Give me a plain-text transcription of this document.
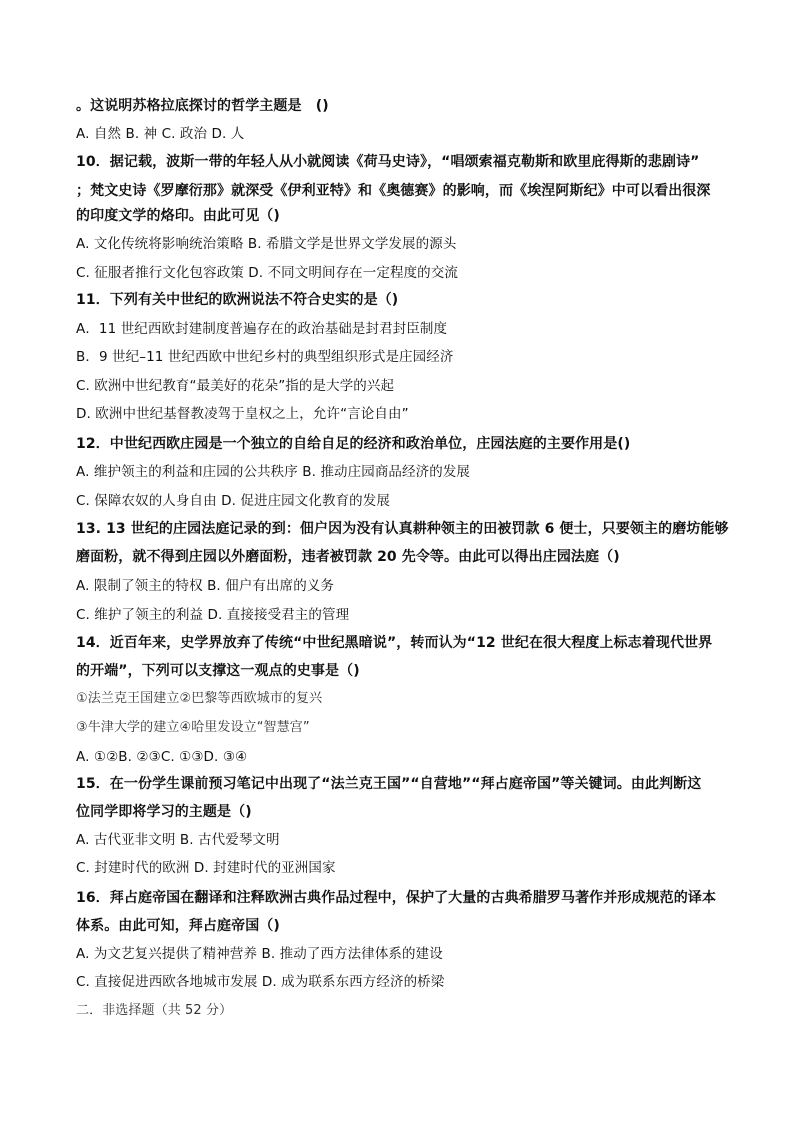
。这说明苏格拉底探讨的哲学主题是　()
A. 自然 B. 神 C. 政治 D. 人
10．据记载，波斯一带的年轻人从小就阅读《荷马史诗》，“唱颂索福克勒斯和欧里庇得斯的悲剧诗”
；梵文史诗《罗摩衍那》就深受《伊利亚特》和《奥德赛》的影响，而《埃涅阿斯纪》中可以看出很深
的印度文学的烙印。由此可见（)
A. 文化传统将影响统治策略 B. 希腊文学是世界文学发展的源头
C. 征服者推行文化包容政策 D. 不同文明间存在一定程度的交流
11．下列有关中世纪的欧洲说法不符合史实的是（)
A．11 世纪西欧封建制度普遍存在的政治基础是封君封臣制度
B．9 世纪–11 世纪西欧中世纪乡村的典型组织形式是庄园经济
C. 欧洲中世纪教育“最美好的花朵”指的是大学的兴起
D. 欧洲中世纪基督教凌驾于皇权之上，允许“言论自由”
12．中世纪西欧庄园是一个独立的自给自足的经济和政治单位，庄园法庭的主要作用是()
A. 维护领主的利益和庄园的公共秩序 B. 推动庄园商品经济的发展
C. 保障农奴的人身自由 D. 促进庄园文化教育的发展
13. 13 世纪的庄园法庭记录的到：佃户因为没有认真耕种领主的田被罚款 6 便士，只要领主的磨坊能够
磨面粉，就不得到庄园以外磨面粉，违者被罚款 20 先令等。由此可以得出庄园法庭（)
A. 限制了领主的特权 B. 佃户有出席的义务
C. 维护了领主的利益 D. 直接接受君主的管理
14．近百年来，史学界放弃了传统“中世纪黑暗说”，转而认为“12 世纪在很大程度上标志着现代世界
的开端”，下列可以支撑这一观点的史事是（)
①法兰克王国建立②巴黎等西欧城市的复兴
③牛津大学的建立④哈里发设立“智慧宫”
A. ①②B. ②③C. ①③D. ③④
15．在一份学生课前预习笔记中出现了“法兰克王国”“自营地”“拜占庭帝国”等关键词。由此判断这
位同学即将学习的主题是（)
A. 古代亚非文明 B. 古代爱琴文明
C. 封建时代的欧洲 D. 封建时代的亚洲国家
16．拜占庭帝国在翻译和注释欧洲古典作品过程中，保护了大量的古典希腊罗马著作并形成规范的译本
体系。由此可知，拜占庭帝国（)
A. 为文艺复兴提供了精神营养 B. 推动了西方法律体系的建设
C. 直接促进西欧各地城市发展 D. 成为联系东西方经济的桥梁
二．非选择题（共 52 分）
